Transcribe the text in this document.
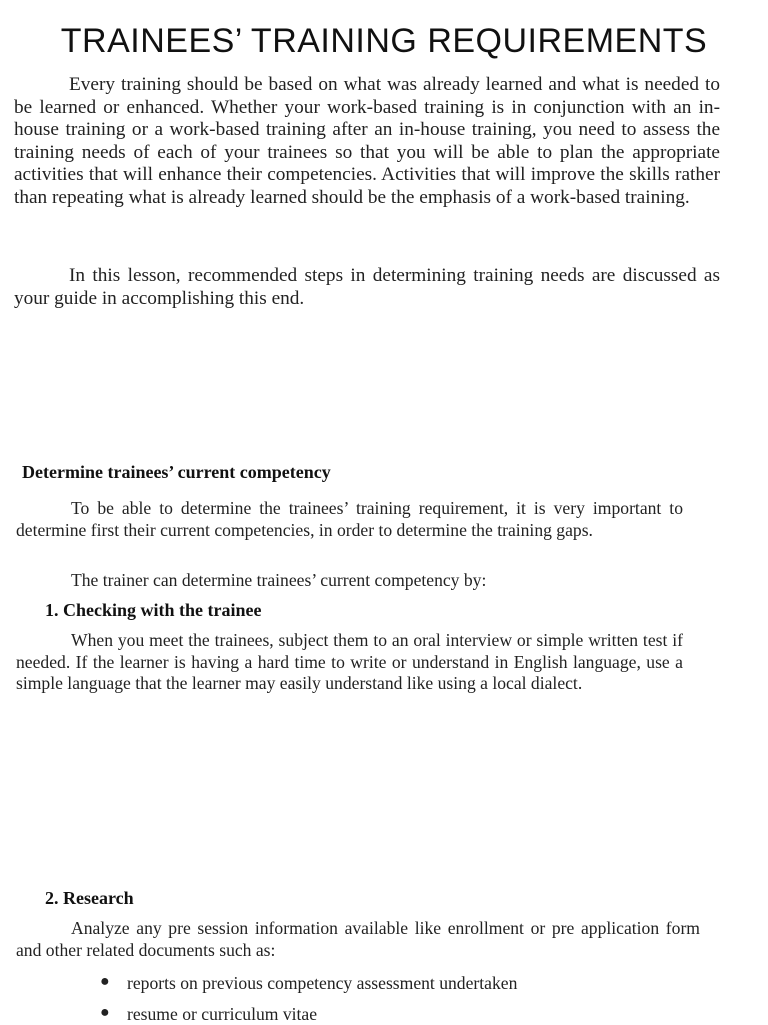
TRAINEES’ TRAINING REQUIREMENTS

Every training should be based on what was already learned and what is needed to be learned or enhanced. Whether your work-based training is in conjunction with an in-house training or a work-based training after an in-house training, you need to assess the training needs of each of your trainees so that you will be able to plan the appropriate activities that will enhance their competencies. Activities that will improve the skills rather than repeating what is already learned should be the emphasis of a work-based training.

In this lesson, recommended steps in determining training needs are discussed as your guide in accomplishing this end.

Determine trainees’ current competency

To be able to determine the trainees’ training requirement, it is very important to determine first their current competencies, in order to determine the training gaps.

The trainer can determine trainees’ current competency by:

1. Checking with the trainee

When you meet the trainees, subject them to an oral interview or simple written test if needed. If the learner is having a hard time to write or understand in English language, use a simple language that the learner may easily understand like using a local dialect.

2. Research

Analyze any pre session information available like enrollment or pre application form and other related documents such as:

● reports on previous competency assessment undertaken
● resume or curriculum vitae
